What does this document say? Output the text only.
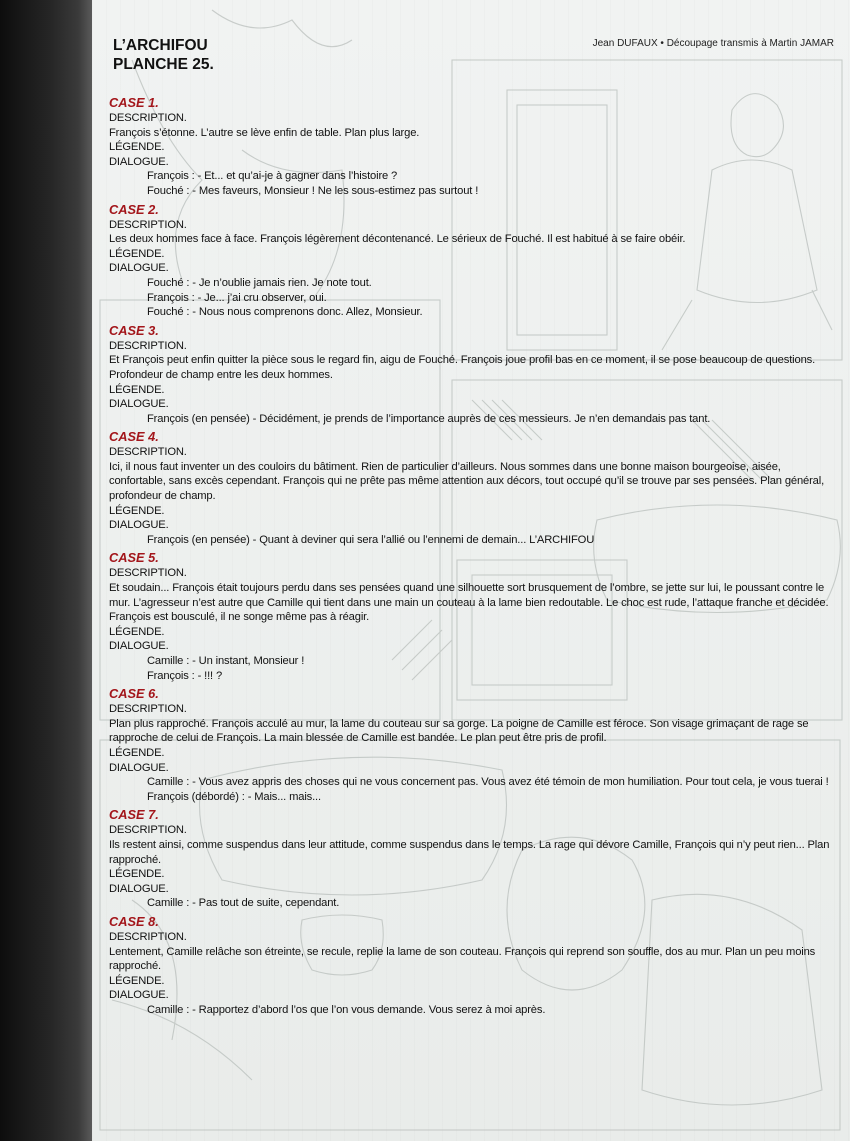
L’ARCHIFOU
PLANCHE 25.
Jean DUFAUX • Découpage transmis à Martin JAMAR
CASE 1.
DESCRIPTION.
François s’étonne. L’autre se lève enfin de table. Plan plus large.
LÉGENDE.
DIALOGUE.
François : - Et... et qu’ai-je à gagner dans l’histoire ?
Fouché : - Mes faveurs, Monsieur ! Ne les sous-estimez pas surtout !
CASE 2.
DESCRIPTION.
Les deux hommes face à face. François légèrement décontenancé. Le sérieux de Fouché. Il est habitué à se faire obéir.
LÉGENDE.
DIALOGUE.
Fouché : - Je n’oublie jamais rien. Je note tout.
François : - Je... j’ai cru observer, oui.
Fouché : - Nous nous comprenons donc. Allez, Monsieur.
CASE 3.
DESCRIPTION.
Et François peut enfin quitter la pièce sous le regard fin, aigu de Fouché. François joue profil bas en ce moment, il se pose beaucoup de questions. Profondeur de champ entre les deux hommes.
LÉGENDE.
DIALOGUE.
François (en pensée) - Décidément, je prends de l’importance auprès de ces messieurs. Je n’en demandais pas tant.
CASE 4.
DESCRIPTION.
Ici, il nous faut inventer un des couloirs du bâtiment. Rien de particulier d’ailleurs. Nous sommes dans une bonne maison bourgeoise, aisée, confortable, sans excès cependant. François qui ne prête pas même attention aux décors, tout occupé qu’il se trouve par ses pensées. Plan général, profondeur de champ.
LÉGENDE.
DIALOGUE.
François (en pensée) - Quant à deviner qui sera l’allié ou l’ennemi de demain... L’ARCHIFOU
CASE 5.
DESCRIPTION.
Et soudain... François était toujours perdu dans ses pensées quand une silhouette sort brusquement de l’ombre, se jette sur lui, le poussant contre le mur. L’agresseur n’est autre que Camille qui tient dans une main un couteau à la lame bien redoutable. Le choc est rude, l’attaque franche et décidée. François est bousculé, il ne songe même pas à réagir.
LÉGENDE.
DIALOGUE.
Camille : - Un instant, Monsieur !
François : - !!! ?
CASE 6.
DESCRIPTION.
Plan plus rapproché. François acculé au mur, la lame du couteau sur sa gorge. La poigne de Camille est féroce. Son visage grimaçant de rage se rapproche de celui de François. La main blessée de Camille est bandée. Le plan peut être pris de profil.
LÉGENDE.
DIALOGUE.
Camille : - Vous avez appris des choses qui ne vous concernent pas. Vous avez été témoin de mon humiliation. Pour tout cela, je vous tuerai !
François (débordé) : - Mais... mais...
CASE 7.
DESCRIPTION.
Ils restent ainsi, comme suspendus dans leur attitude, comme suspendus dans le temps. La rage qui dévore Camille, François qui n’y peut rien... Plan rapproché.
LÉGENDE.
DIALOGUE.
Camille : - Pas tout de suite, cependant.
CASE 8.
DESCRIPTION.
Lentement, Camille relâche son étreinte, se recule, replie la lame de son couteau. François qui reprend son souffle, dos au mur. Plan un peu moins rapproché.
LÉGENDE.
DIALOGUE.
Camille : - Rapportez d’abord l’os que l’on vous demande. Vous serez à moi après.
